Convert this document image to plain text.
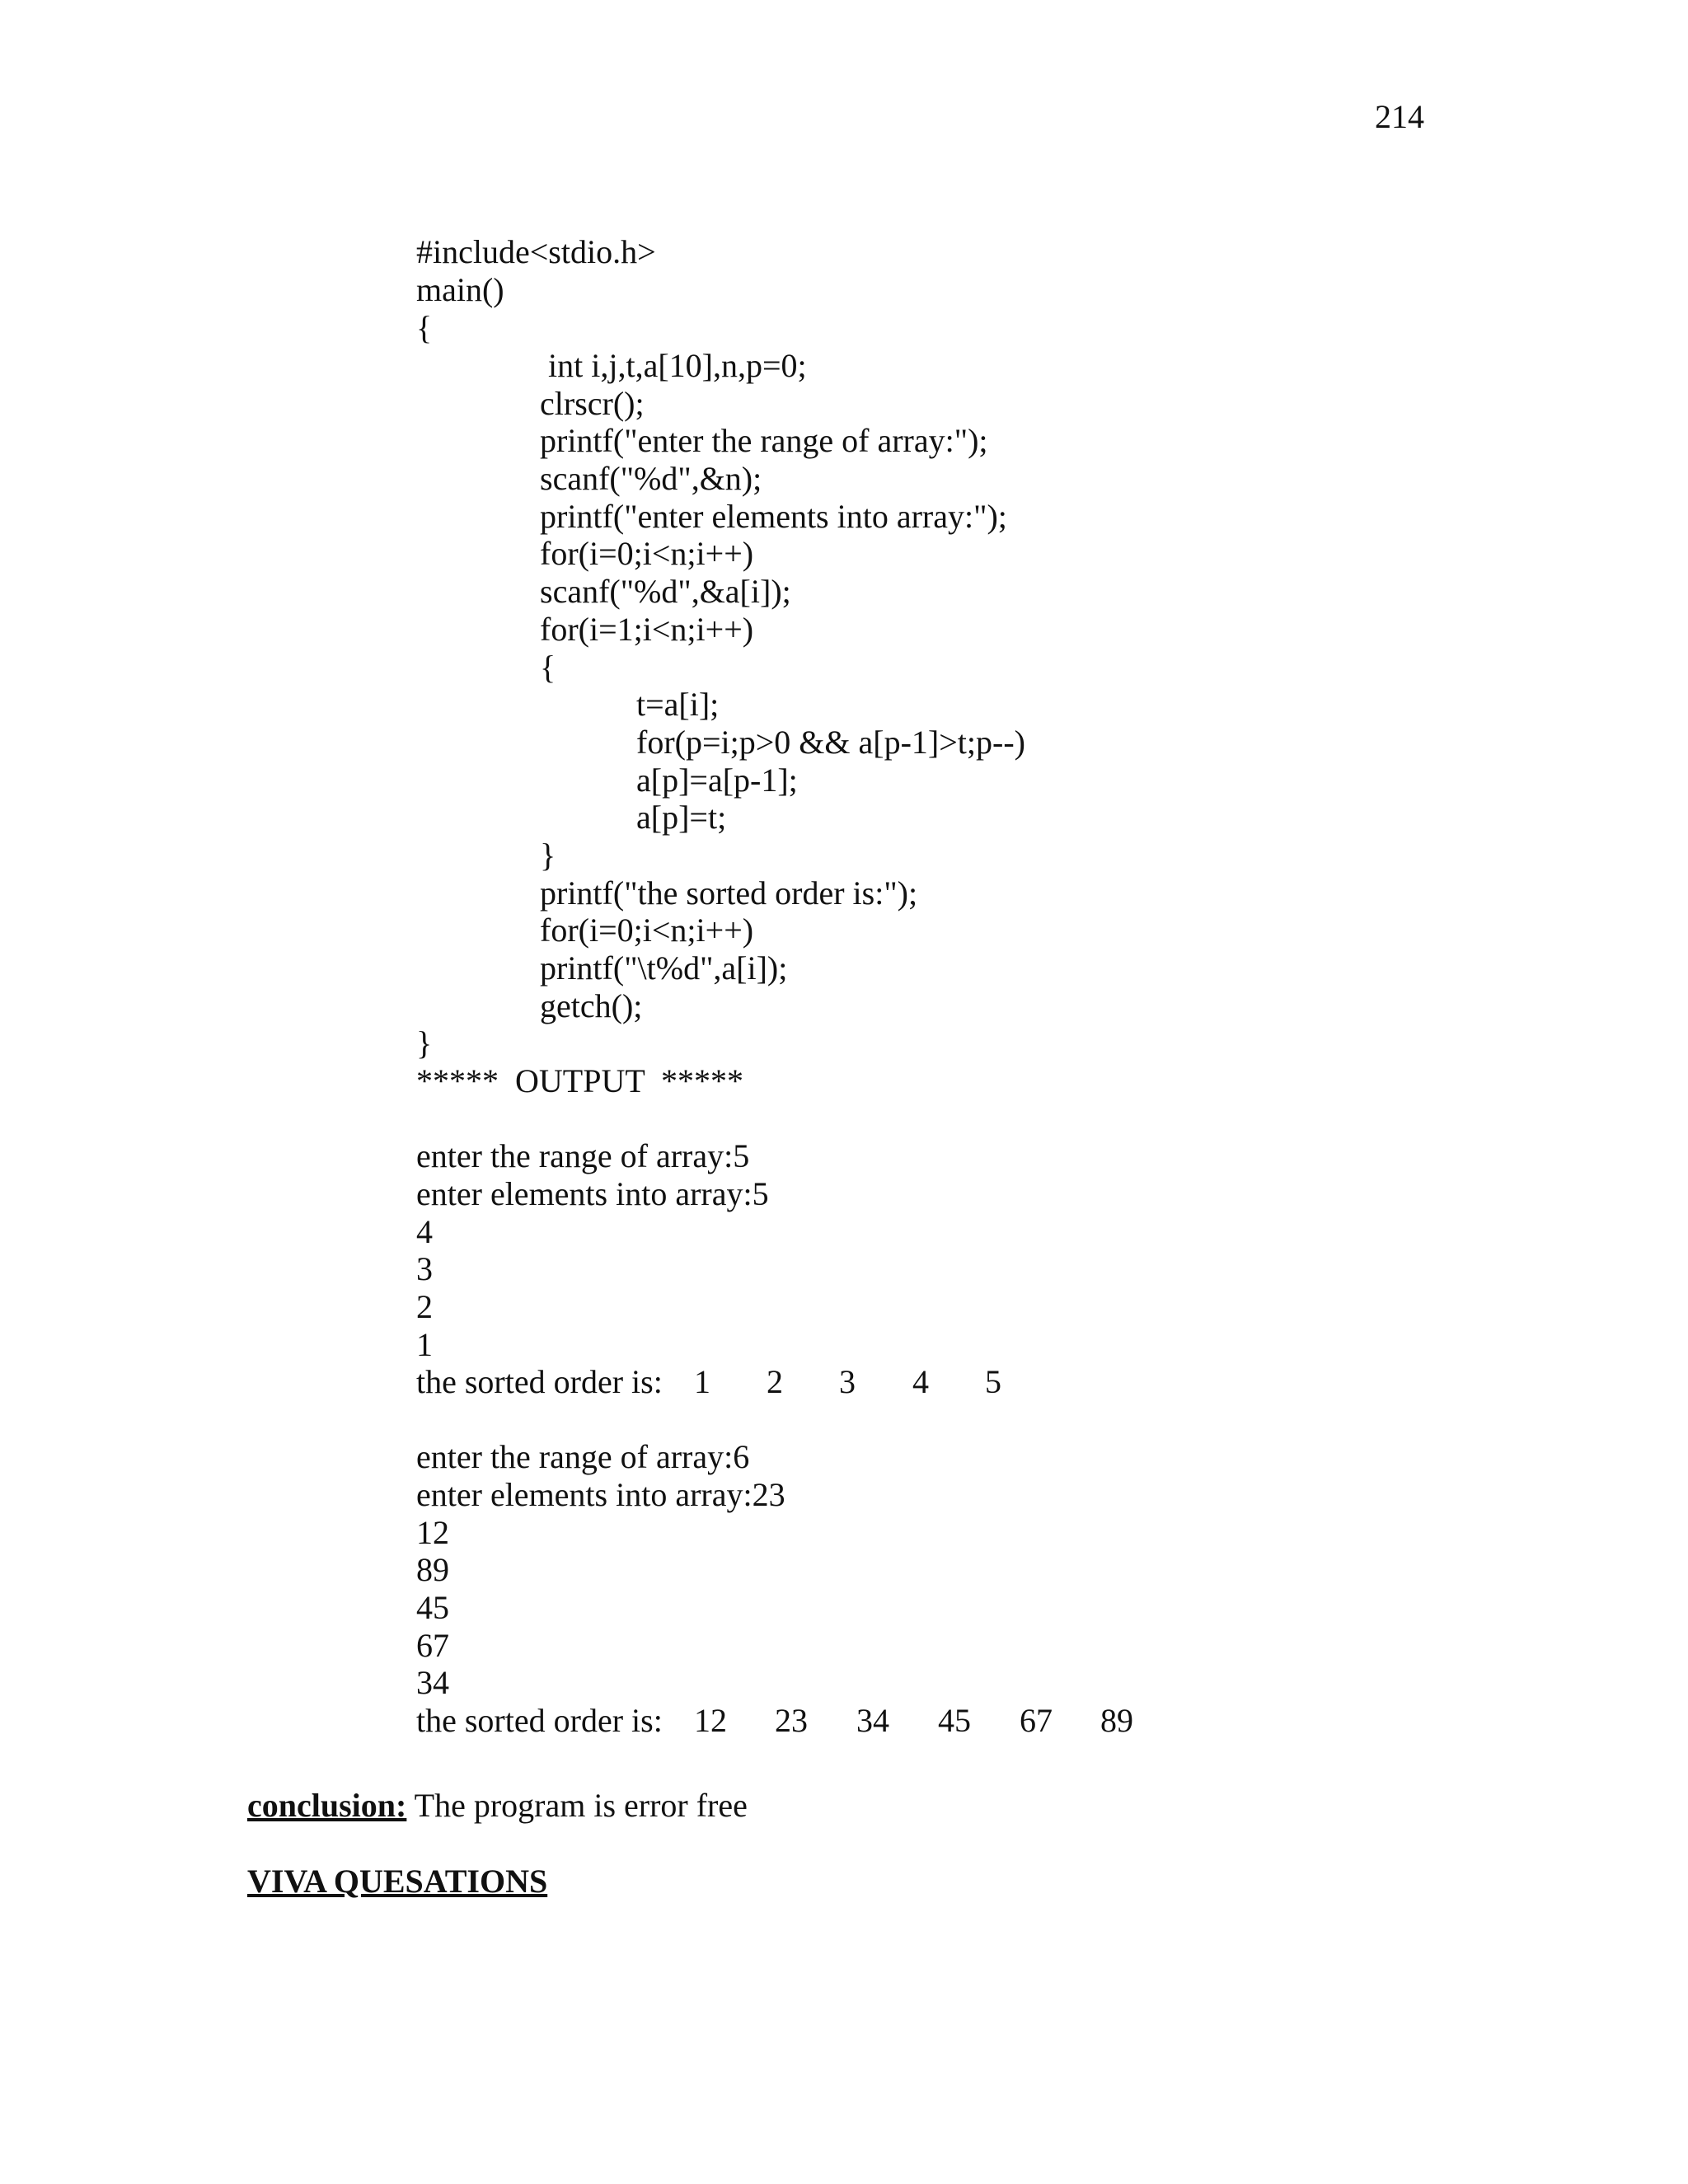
214
#include<stdio.h>
main()
{
int i,j,t,a[10],n,p=0;
clrscr();
printf("enter the range of array:");
scanf("%d",&n);
printf("enter elements into array:");
for(i=0;i<n;i++)
scanf("%d",&a[i]);
for(i=1;i<n;i++)
{
t=a[i];
for(p=i;p>0 && a[p-1]>t;p--)
a[p]=a[p-1];
a[p]=t;
}
printf("the sorted order is:");
for(i=0;i<n;i++)
printf("\t%d",a[i]);
getch();
}
*****  OUTPUT  *****
enter the range of array:5
enter elements into array:5
4
3
2
1

the sorted order is:

1

2

3

4

5

enter the range of array:6
enter elements into array:23
12
89
45
67
34

the sorted order is:

12

23

34

45

67

89

conclusion: The program is error free
VIVA QUESATIONS
